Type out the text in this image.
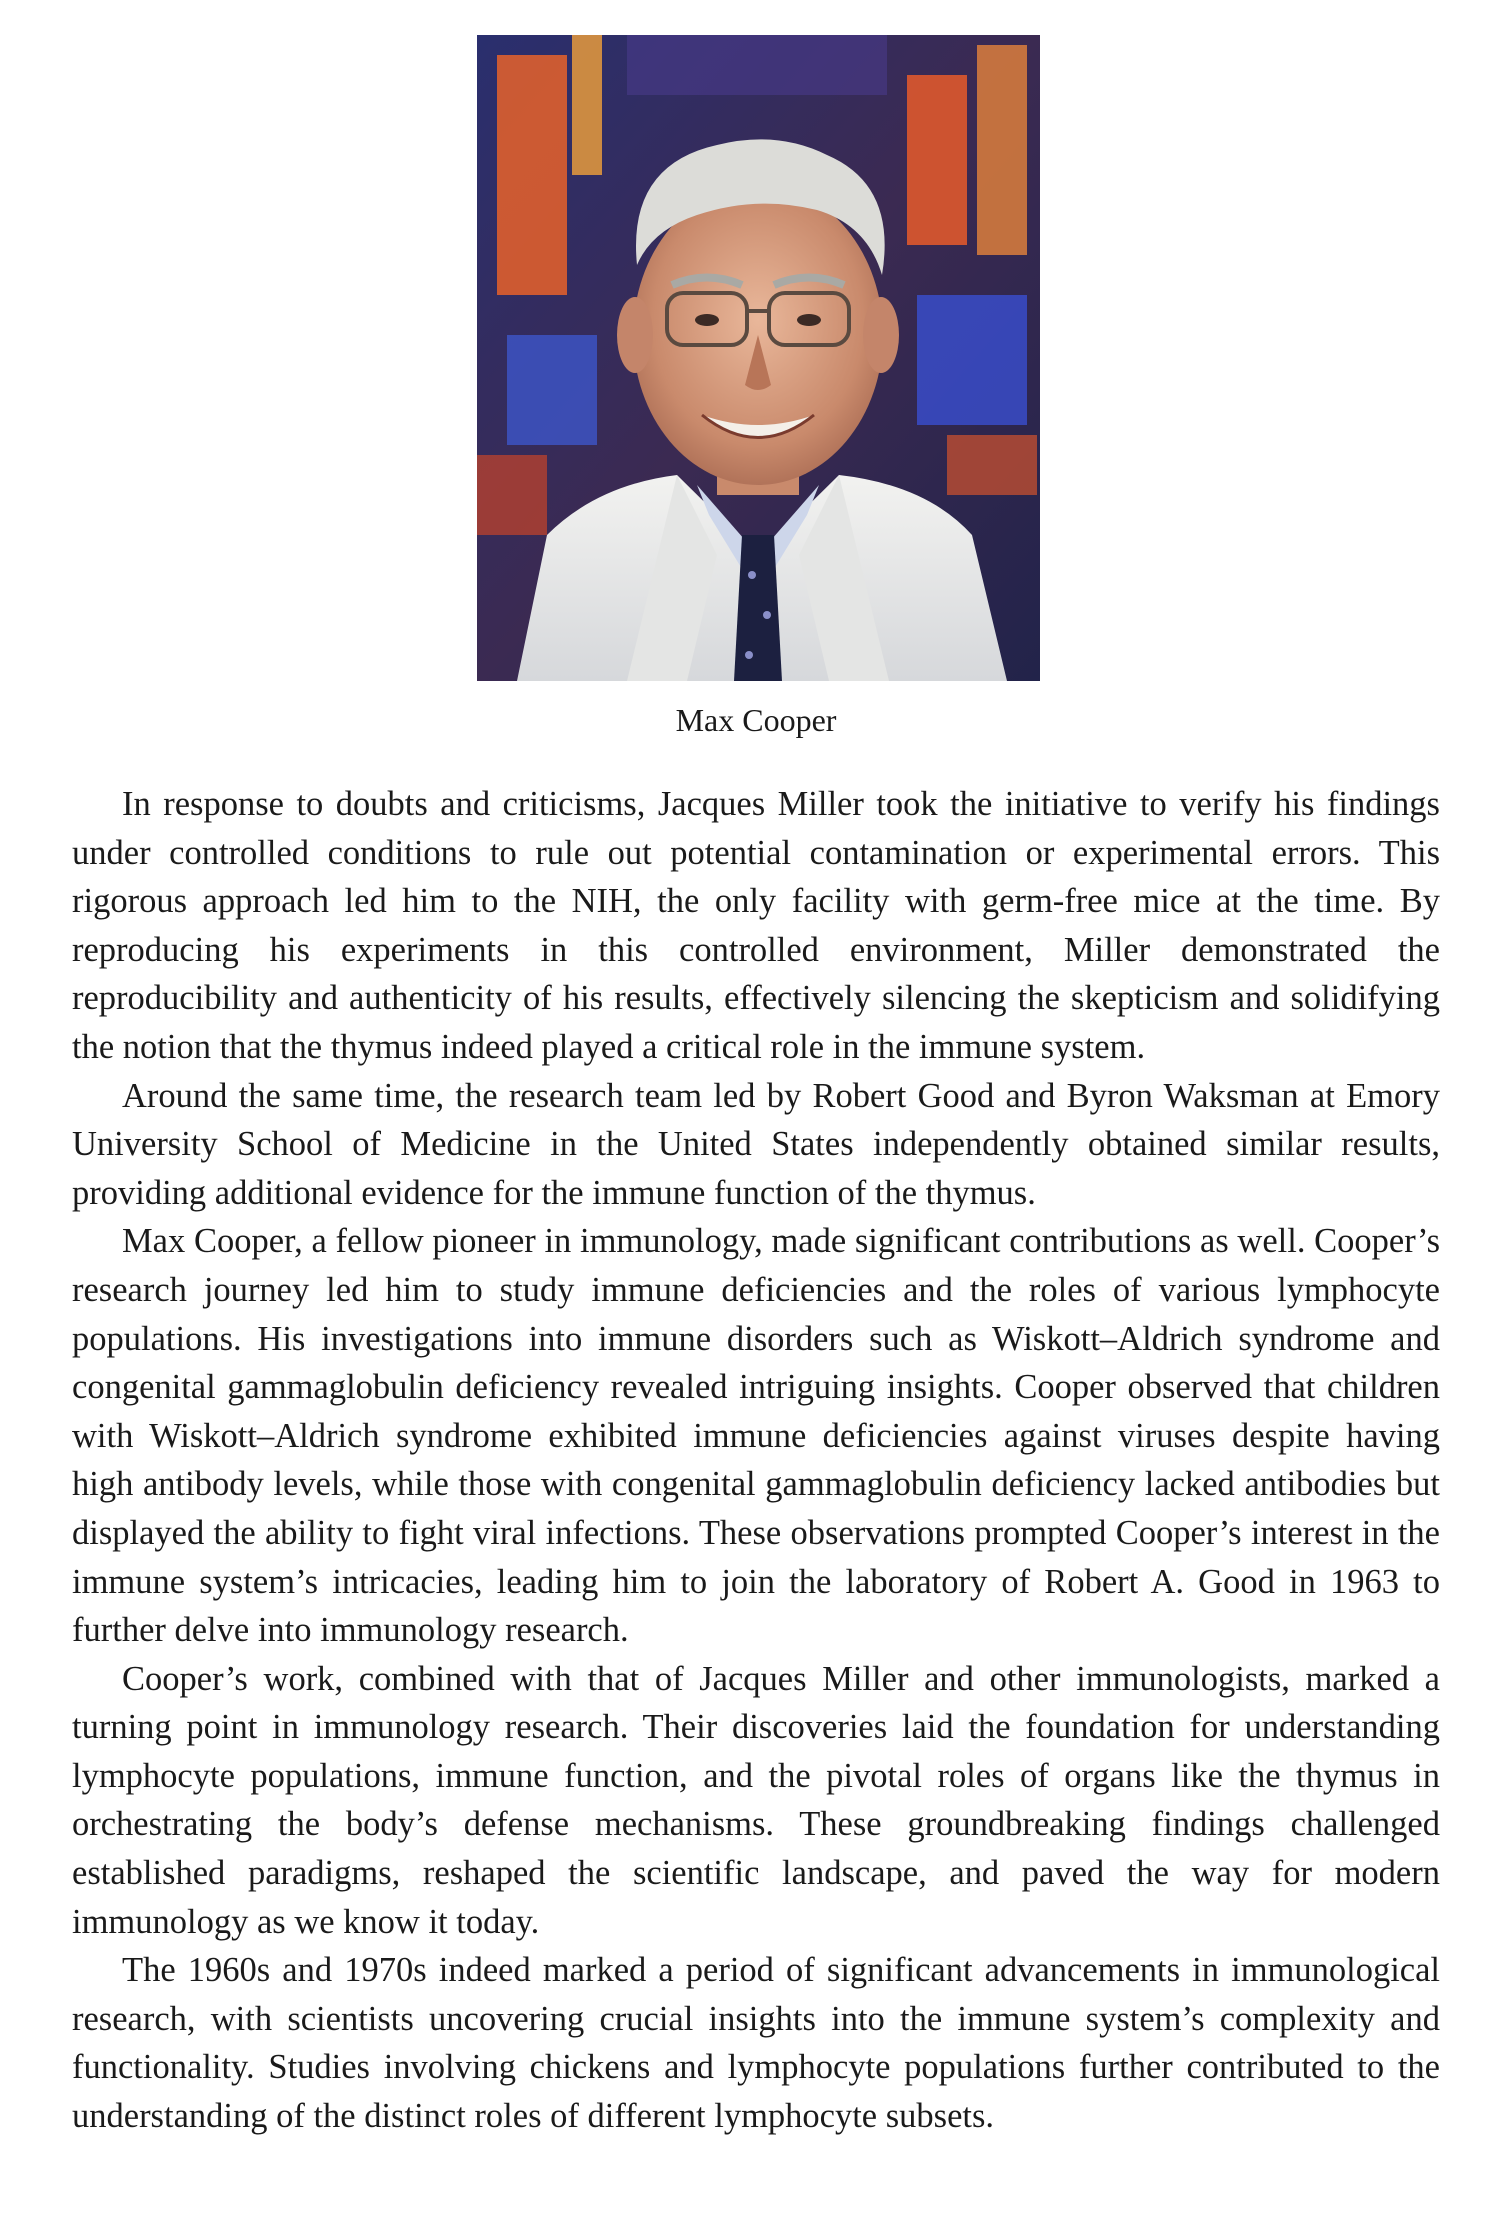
Max Cooper

In response to doubts and criticisms, Jacques Miller took the initiative to verify his findings under controlled conditions to rule out potential contamination or experimental errors. This rigorous approach led him to the NIH, the only facility with germ-free mice at the time. By reproducing his experiments in this controlled environment, Miller demonstrated the reproducibility and authenticity of his results, effectively silencing the skepticism and solidifying the notion that the thymus indeed played a critical role in the immune system.

Around the same time, the research team led by Robert Good and Byron Waksman at Emory University School of Medicine in the United States independently obtained similar results, providing additional evidence for the immune function of the thymus.

Max Cooper, a fellow pioneer in immunology, made significant contributions as well. Cooper’s research journey led him to study immune deficiencies and the roles of various lymphocyte populations. His investigations into immune disorders such as Wiskott–Aldrich syndrome and congenital gammaglobulin deficiency revealed intriguing insights. Cooper observed that children with Wiskott–Aldrich syndrome exhibited immune deficiencies against viruses despite having high antibody levels, while those with congenital gammaglobulin deficiency lacked antibodies but displayed the ability to fight viral infections. These observations prompted Cooper’s interest in the immune system’s intricacies, leading him to join the laboratory of Robert A. Good in 1963 to further delve into immunology research.

Cooper’s work, combined with that of Jacques Miller and other immunologists, marked a turning point in immunology research. Their discoveries laid the foundation for understanding lymphocyte populations, immune function, and the pivotal roles of organs like the thymus in orchestrating the body’s defense mechanisms. These groundbreaking findings challenged established paradigms, reshaped the scientific landscape, and paved the way for modern immunology as we know it today.

The 1960s and 1970s indeed marked a period of significant advancements in immunological research, with scientists uncovering crucial insights into the immune system’s complexity and functionality. Studies involving chickens and lymphocyte populations further contributed to the understanding of the distinct roles of different lymphocyte subsets.
